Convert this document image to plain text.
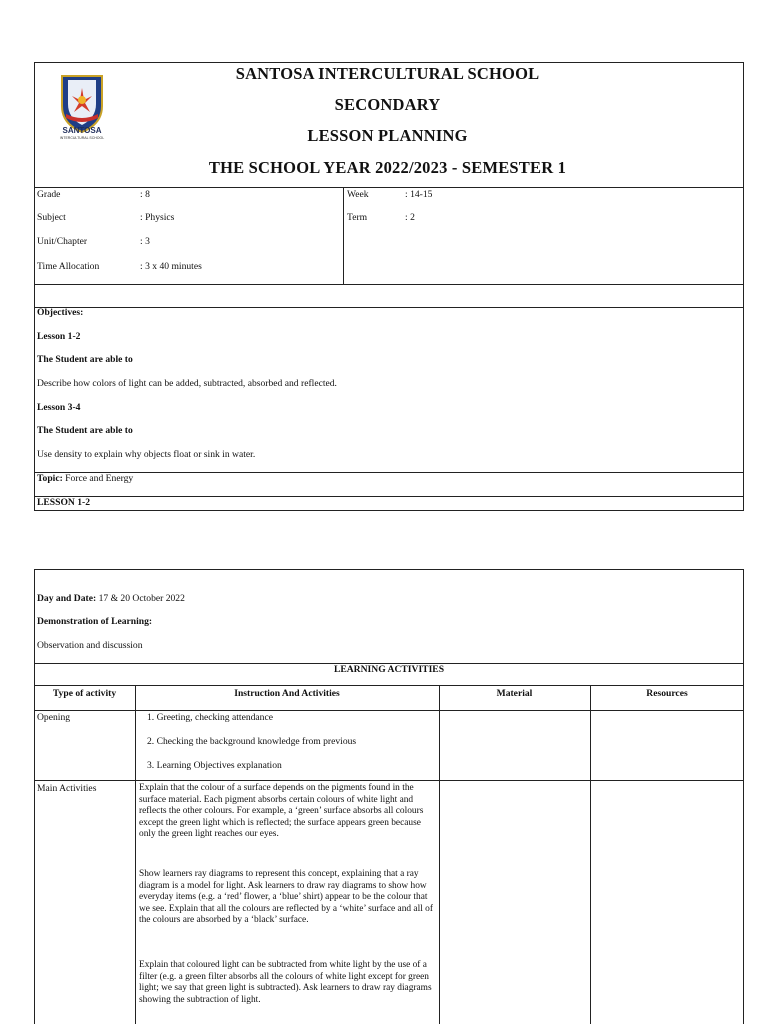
SANTOSA
INTERCULTURAL SCHOOL
SANTOSA INTERCULTURAL SCHOOL
SECONDARY
LESSON PLANNING
THE SCHOOL YEAR 2022/2023 - SEMESTER 1
Grade	: 8
Subject	: Physics
Unit/Chapter	: 3
Time Allocation	: 3 x 40 minutes
Week	: 14-15
Term	: 2
Objectives:
Lesson 1-2
The Student are able to
Describe how colors of light can be added, subtracted, absorbed and reflected.
Lesson 3-4
The Student are able to
Use density to explain why objects float or sink in water.
Topic: Force and Energy
LESSON 1-2
Day and Date: 17 & 20 October 2022
Demonstration of Learning:
Observation and discussion
LEARNING ACTIVITIES
Type of activity	Instruction And Activities	Material	Resources
Opening	1. Greeting, checking attendance
2. Checking the background knowledge from previous
3. Learning Objectives explanation
Main Activities	Explain that the colour of a surface depends on the pigments found in the surface material. Each pigment absorbs certain colours of white light and reflects the other colours. For example, a ‘green’ surface absorbs all colours except the green light which is reflected; the surface appears green because only the green light reaches our eyes.
Show learners ray diagrams to represent this concept, explaining that a ray diagram is a model for light. Ask learners to draw ray diagrams to show how everyday items (e.g. a ‘red’ flower, a ‘blue’ shirt) appear to be the colour that we see. Explain that all the colours are reflected by a ‘white’ surface and all of the colours are absorbed by a ‘black’ surface.
Explain that coloured light can be subtracted from white light by the use of a filter (e.g. a green filter absorbs all the colours of white light except for green light; we say that green light is subtracted). Ask learners to draw ray diagrams showing the subtraction of light.
